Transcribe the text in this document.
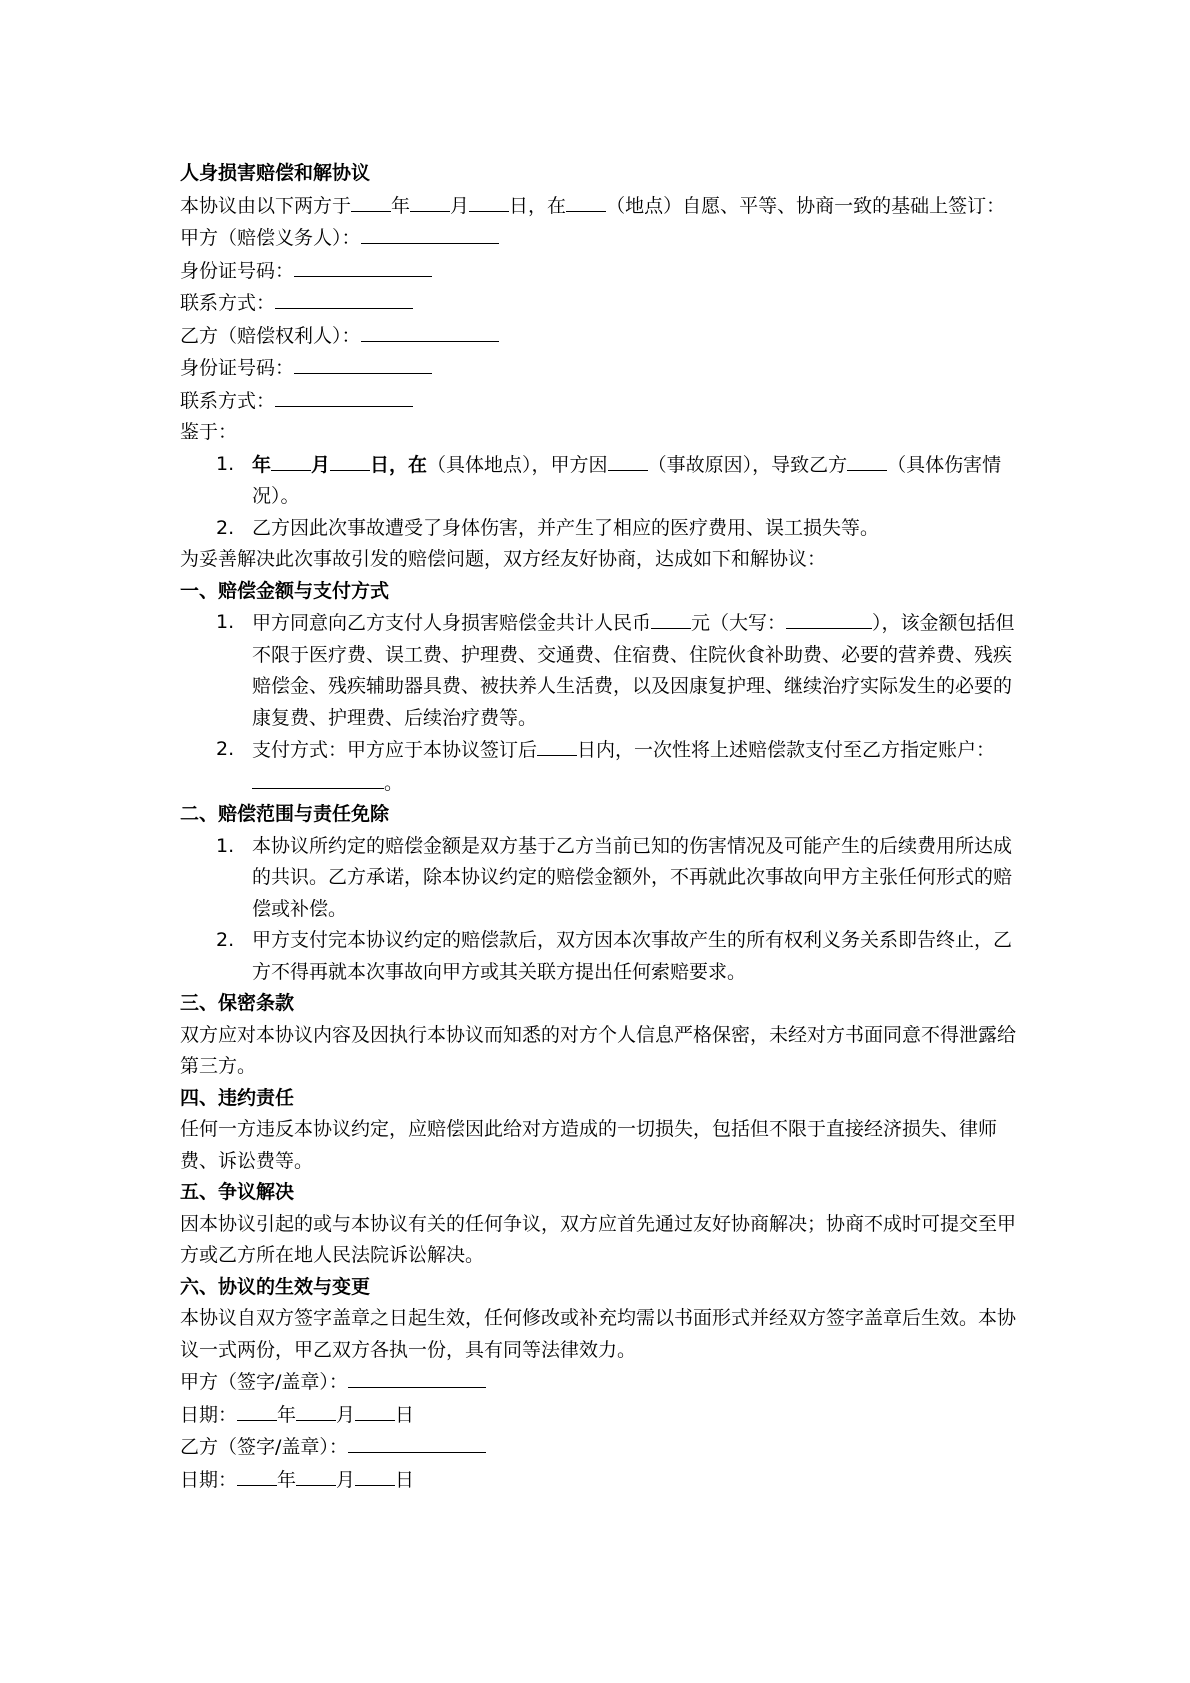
人身损害赔偿和解协议
本协议由以下两方于 年 月 日，在 （地点）自愿、平等、协商一致的基础上签订：
甲方（赔偿义务人）：
身份证号码：
联系方式：
乙方（赔偿权利人）：
身份证号码：
联系方式：
鉴于：
1. 年 月 日，在（具体地点），甲方因 （事故原因），导致乙方 （具体伤害情况）。
2. 乙方因此次事故遭受了身体伤害，并产生了相应的医疗费用、误工损失等。
为妥善解决此次事故引发的赔偿问题，双方经友好协商，达成如下和解协议：
一、赔偿金额与支付方式
1. 甲方同意向乙方支付人身损害赔偿金共计人民币 元（大写：	），该金额包括但不限于医疗费、误工费、护理费、交通费、住宿费、住院伙食补助费、必要的营养费、残疾赔偿金、残疾辅助器具费、被扶养人生活费，以及因康复护理、继续治疗实际发生的必要的康复费、护理费、后续治疗费等。
2. 支付方式：甲方应于本协议签订后 日内，一次性将上述赔偿款支付至乙方指定账户：。
二、赔偿范围与责任免除
1. 本协议所约定的赔偿金额是双方基于乙方当前已知的伤害情况及可能产生的后续费用所达成的共识。乙方承诺，除本协议约定的赔偿金额外，不再就此次事故向甲方主张任何形式的赔偿或补偿。
2. 甲方支付完本协议约定的赔偿款后，双方因本次事故产生的所有权利义务关系即告终止，乙方不得再就本次事故向甲方或其关联方提出任何索赔要求。
三、保密条款
双方应对本协议内容及因执行本协议而知悉的对方个人信息严格保密，未经对方书面同意不得泄露给第三方。
四、违约责任
任何一方违反本协议约定，应赔偿因此给对方造成的一切损失，包括但不限于直接经济损失、律师费、诉讼费等。
五、争议解决
因本协议引起的或与本协议有关的任何争议，双方应首先通过友好协商解决；协商不成时可提交至甲方或乙方所在地人民法院诉讼解决。
六、协议的生效与变更
本协议自双方签字盖章之日起生效，任何修改或补充均需以书面形式并经双方签字盖章后生效。本协议一式两份，甲乙双方各执一份，具有同等法律效力。
甲方（签字/盖章）：
日期： 年 月 日
乙方（签字/盖章）：
日期： 年 月 日
